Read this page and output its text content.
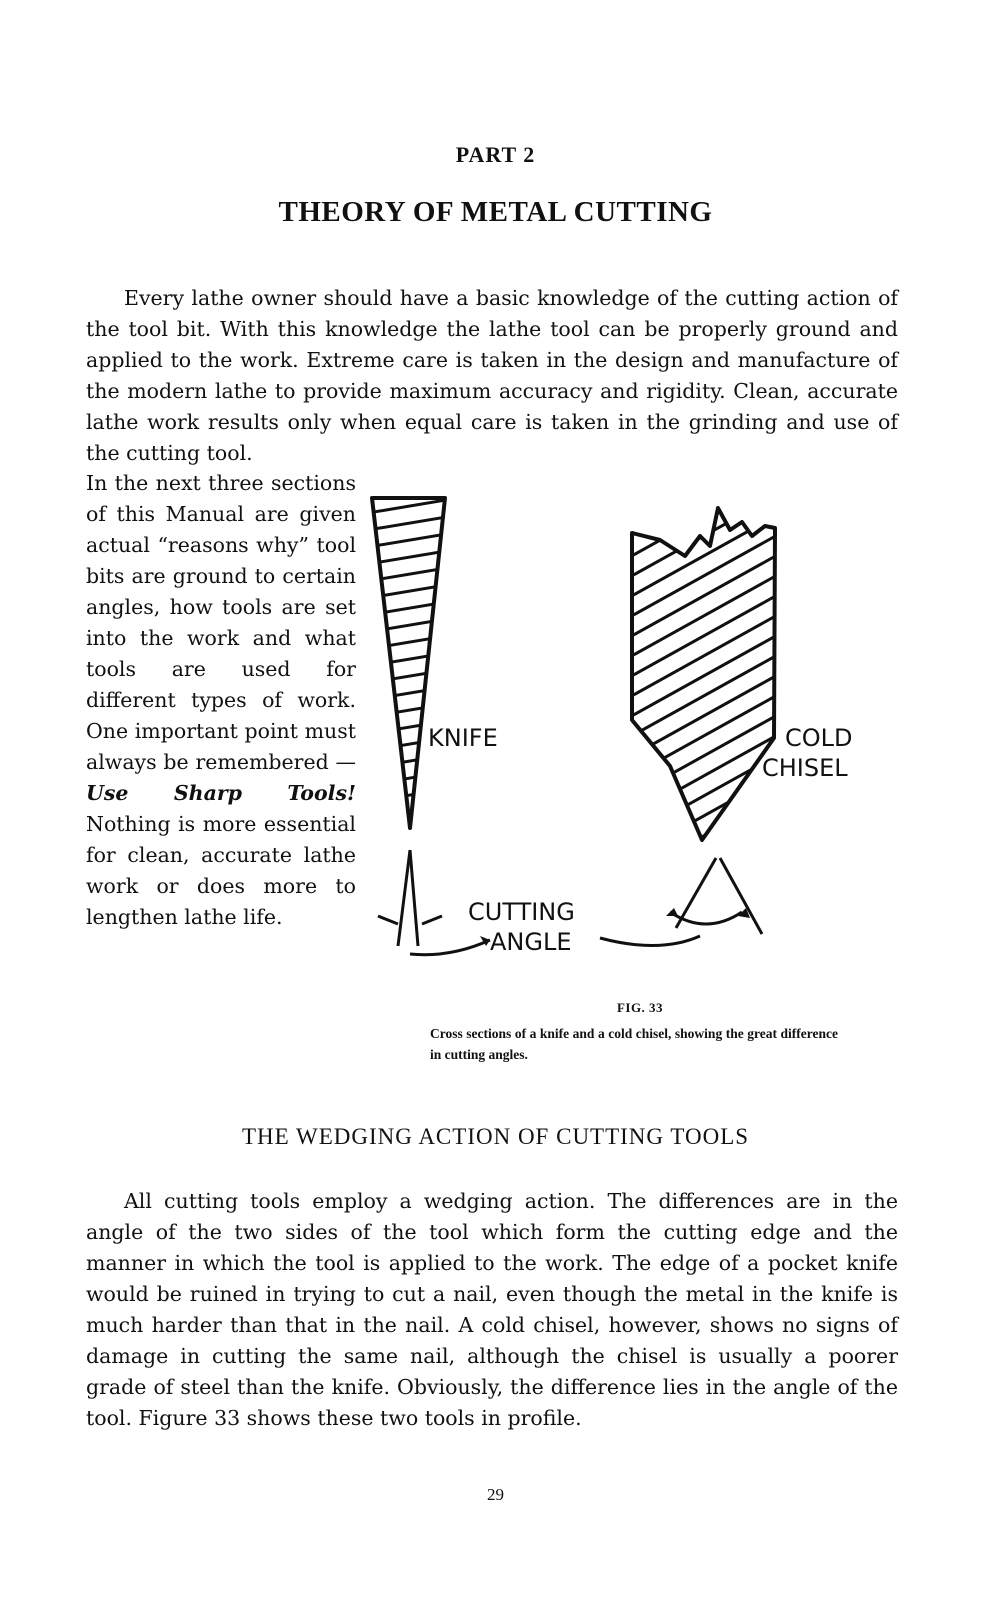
PART 2
THEORY OF METAL CUTTING

Every lathe owner should have a basic knowledge of the cutting action of the tool bit. With this knowledge the lathe tool can be properly ground and applied to the work. Extreme care is taken in the design and manufacture of the modern lathe to provide maximum accuracy and rigidity. Clean, accurate lathe work results only when equal care is taken in the grinding and use of the cutting tool.

In the next three sections of this Manual are given actual “reasons why” tool bits are ground to certain angles, how tools are set into the work and what tools are used for different types of work. One important point must always be remembered — Use Sharp Tools! Nothing is more essential for clean, accurate lathe work or does more to lengthen lathe life.

KNIFE	COLD
CHISEL
CUTTING
ANGLE
FIG. 33

Cross sections of a knife and a cold chisel, showing the great difference in cutting angles.

THE WEDGING ACTION OF CUTTING TOOLS

All cutting tools employ a wedging action. The differences are in the angle of the two sides of the tool which form the cutting edge and the manner in which the tool is applied to the work. The edge of a pocket knife would be ruined in trying to cut a nail, even though the metal in the knife is much harder than that in the nail. A cold chisel, however, shows no signs of damage in cutting the same nail, although the chisel is usually a poorer grade of steel than the knife. Obviously, the difference lies in the angle of the tool. Figure 33 shows these two tools in profile.

29
